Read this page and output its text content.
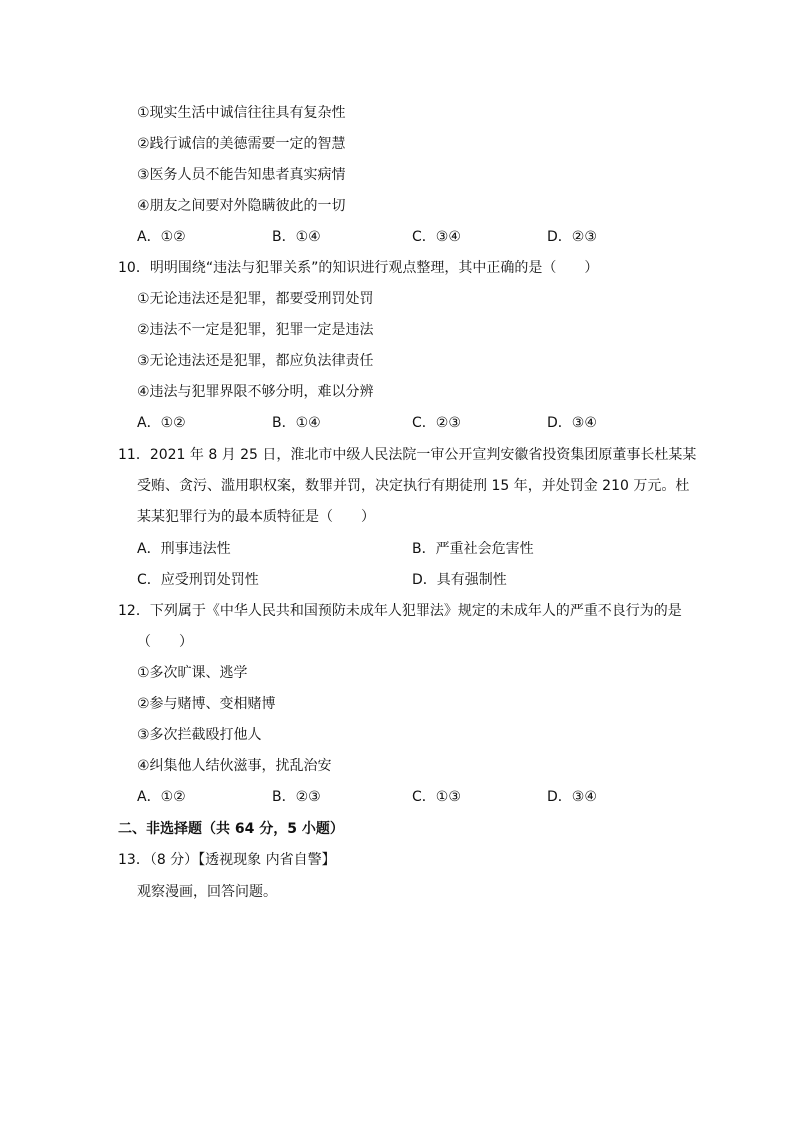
①现实生活中诚信往往具有复杂性
②践行诚信的美德需要一定的智慧
③医务人员不能告知患者真实病情
④朋友之间要对外隐瞒彼此的一切
A．①②	B．①④	C．③④	D．②③
10．明明围绕“违法与犯罪关系”的知识进行观点整理，其中正确的是（　　）
①无论违法还是犯罪，都要受刑罚处罚
②违法不一定是犯罪，犯罪一定是违法
③无论违法还是犯罪，都应负法律责任
④违法与犯罪界限不够分明，难以分辨
A．①②	B．①④	C．②③	D．③④
11．2021 年 8 月 25 日，淮北市中级人民法院一审公开宣判安徽省投资集团原董事长杜某某
受贿、贪污、滥用职权案，数罪并罚，决定执行有期徒刑 15 年，并处罚金 210 万元。杜
某某犯罪行为的最本质特征是（　　）
A．刑事违法性	B．严重社会危害性
C．应受刑罚处罚性	D．具有强制性
12．下列属于《中华人民共和国预防未成年人犯罪法》规定的未成年人的严重不良行为的是
（　　）
①多次旷课、逃学
②参与赌博、变相赌博
③多次拦截殴打他人
④纠集他人结伙滋事，扰乱治安
A．①②	B．②③	C．①③	D．③④
二、非选择题（共 64 分，5 小题）
13．（8 分）【透视现象 内省自警】
观察漫画，回答问题。
